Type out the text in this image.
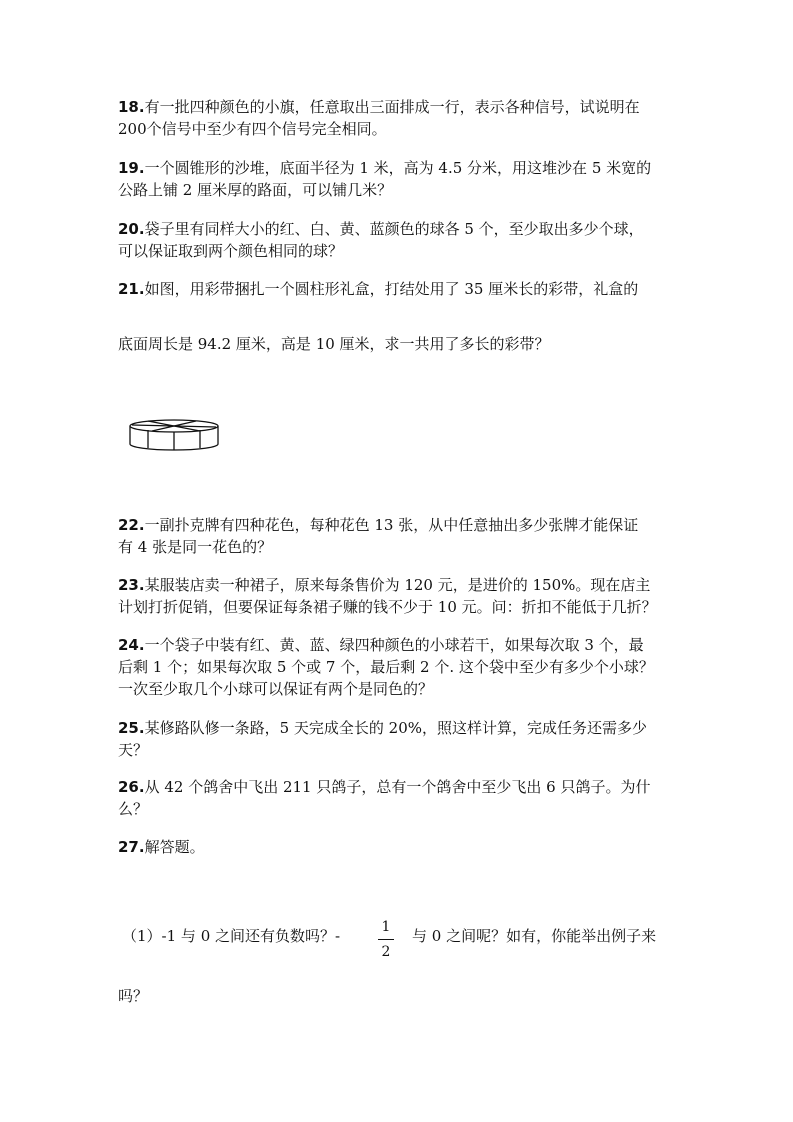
18.有一批四种颜色的小旗，任意取出三面排成一行，表示各种信号，试说明在
200个信号中至少有四个信号完全相同。
19.一个圆锥形的沙堆，底面半径为 1 米，高为 4.5 分米，用这堆沙在 5 米宽的
公路上铺 2 厘米厚的路面，可以铺几米？
20.袋子里有同样大小的红、白、黄、蓝颜色的球各 5 个，至少取出多少个球，
可以保证取到两个颜色相同的球？
21.如图，用彩带捆扎一个圆柱形礼盒，打结处用了 35 厘米长的彩带，礼盒的
底面周长是 94.2 厘米，高是 10 厘米，求一共用了多长的彩带？
22.一副扑克牌有四种花色，每种花色 13 张，从中任意抽出多少张牌才能保证
有 4 张是同一花色的？
23.某服装店卖一种裙子，原来每条售价为 120 元，是进价的 150%。现在店主
计划打折促销，但要保证每条裙子赚的钱不少于 10 元。问：折扣不能低于几折？
24.一个袋子中装有红、黄、蓝、绿四种颜色的小球若干，如果每次取 3 个，最
后剩 1 个；如果每次取 5 个或 7 个，最后剩 2 个. 这个袋中至少有多少个小球？
一次至少取几个小球可以保证有两个是同色的？
25.某修路队修一条路，5 天完成全长的 20%，照这样计算，完成任务还需多少
天？
26.从 42 个鸽舍中飞出 211 只鸽子，总有一个鸽舍中至少飞出 6 只鸽子。为什
么？
27.解答题。
（1）-1 与 0 之间还有负数吗？-	1
2
与 0 之间呢？如有，你能举出例子来
吗？
